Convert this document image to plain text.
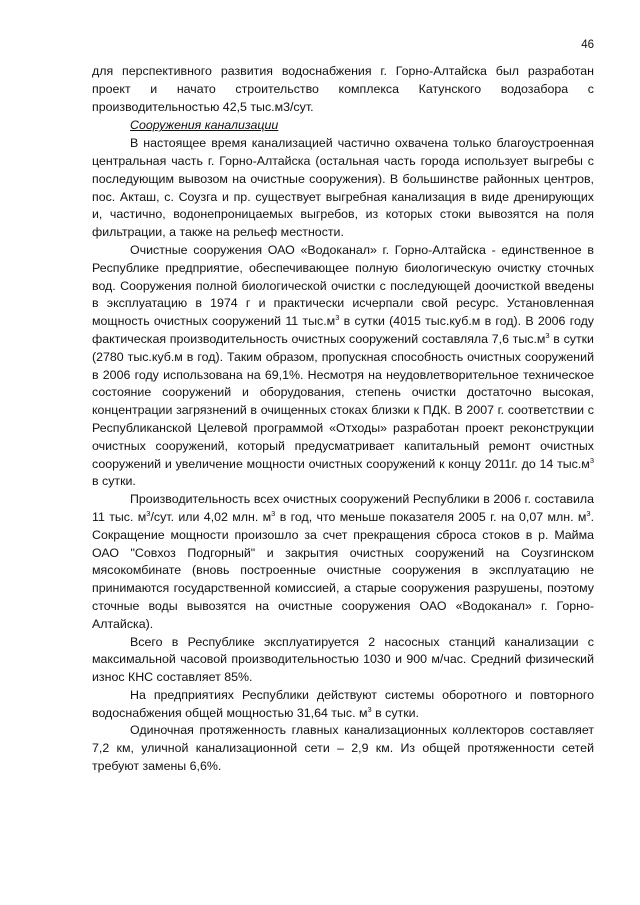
46

для перспективного развития водоснабжения г. Горно-Алтайска был разработан проект и начато строительство комплекса Катунского водозабора с производительностью 42,5 тыс.м3/сут.

Сооружения канализации

В настоящее время канализацией частично охвачена только благоустроенная центральная часть г. Горно-Алтайска (остальная часть города использует выгребы с последующим вывозом на очистные сооружения). В большинстве районных центров, пос. Акташ, с. Соузга и пр. существует выгребная канализация в виде дренирующих и, частично, водонепроницаемых выгребов, из которых стоки вывозятся на поля фильтрации, а также на рельеф местности.

Очистные сооружения ОАО «Водоканал» г. Горно-Алтайска - единственное в Республике предприятие, обеспечивающее полную биологическую очистку сточных вод. Сооружения полной биологической очистки с последующей доочисткой введены в эксплуатацию в 1974 г и практически исчерпали свой ресурс. Установленная мощность очистных сооружений 11 $тыс.м^3$ в сутки (4015 тыс.куб.м в год). В 2006 году фактическая производительность очистных сооружений составляла 7,6 $тыс.м^3$ в сутки (2780 тыс.куб.м в год). Таким образом, пропускная способность очистных сооружений в 2006 году использована на 69,1%. Несмотря на неудовлетворительное техническое состояние сооружений и оборудования, степень очистки достаточно высокая, концентрации загрязнений в очищенных стоках близки к ПДК. В 2007 г. соответствии с Республиканской Целевой программой «Отходы» разработан проект реконструкции очистных сооружений, который предусматривает капитальный ремонт очистных сооружений и увеличение мощности очистных сооружений к концу 2011г. до 14 $тыс.м^3$ в сутки.

Производительность всех очистных сооружений Республики в 2006 г. составила 11 тыс. $м^3$/сут. или 4,02 млн. $м^3$ в год, что меньше показателя 2005 г. на 0,07 млн. $м^3$. Сокращение мощности произошло за счет прекращения сброса стоков в р. Майма ОАО "Совхоз Подгорный" и закрытия очистных сооружений на Соузгинском мясокомбинате (вновь построенные очистные сооружения в эксплуатацию не принимаются государственной комиссией, а старые сооружения разрушены, поэтому сточные воды вывозятся на очистные сооружения ОАО «Водоканал» г. Горно-Алтайска).

Всего в Республике эксплуатируется 2 насосных станций канализации с максимальной часовой производительностью 1030 и 900 м/час. Средний физический износ КНС составляет 85%.

На предприятиях Республики действуют системы оборотного и повторного водоснабжения общей мощностью 31,64 тыс. $м^3$ в сутки.

Одиночная протяженность главных канализационных коллекторов составляет 7,2 км, уличной канализационной сети – 2,9 км. Из общей протяженности сетей требуют замены 6,6%.
